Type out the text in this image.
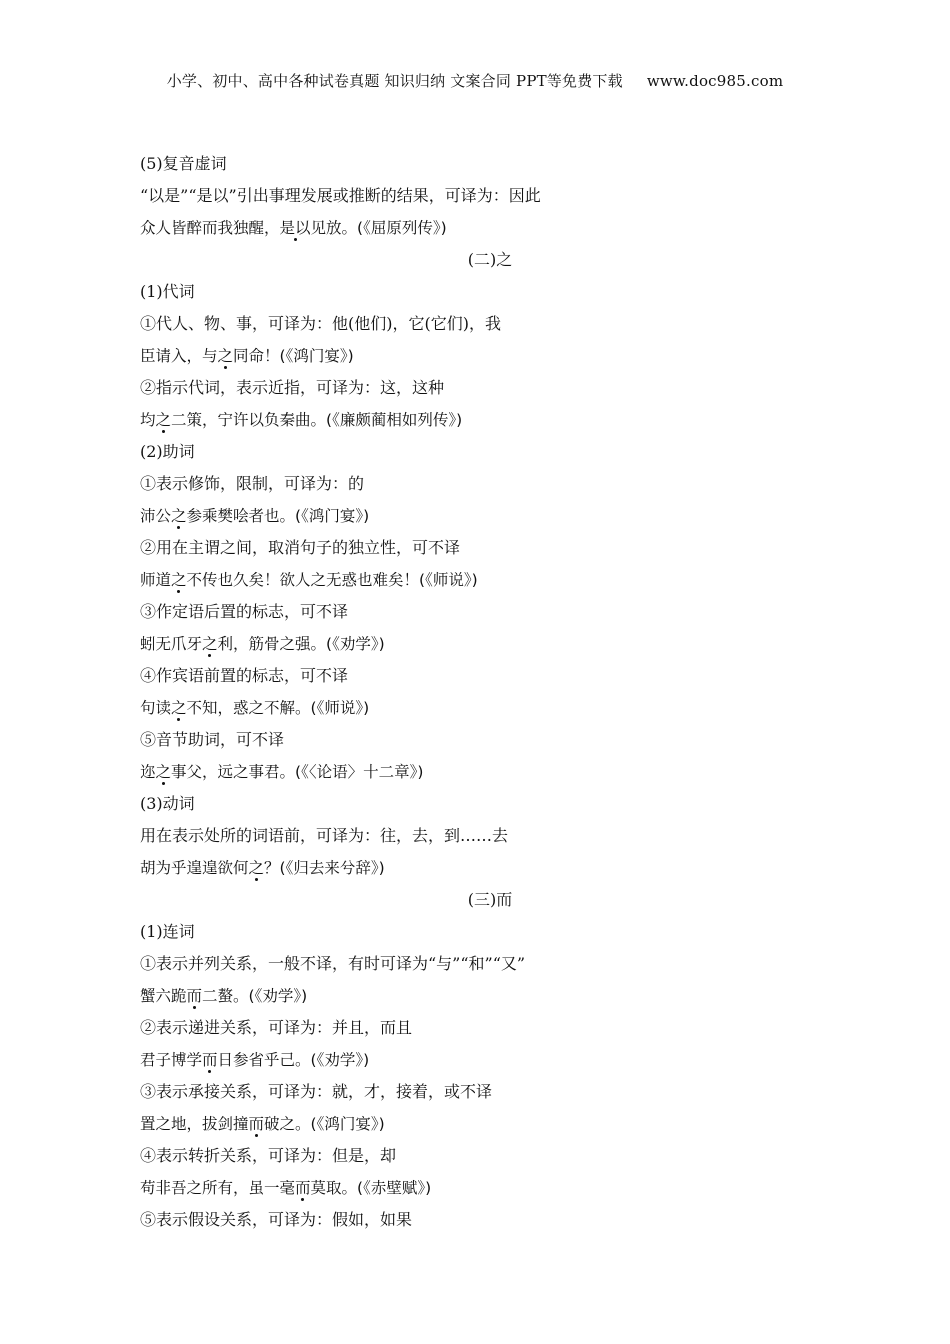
小学、初中、高中各种试卷真题 知识归纳 文案合同 PPT等免费下载 www.doc985.com
(5)复音虚词
“以是”“是以”引出事理发展或推断的结果，可译为：因此
众人皆醉而我独醒，是以见放。(《屈原列传》)
(二)之
(1)代词
①代人、物、事，可译为：他(他们)，它(它们)，我
臣请入，与之同命！(《鸿门宴》)
②指示代词，表示近指，可译为：这，这种
均之二策，宁许以负秦曲。(《廉颇蔺相如列传》)
(2)助词
①表示修饰，限制，可译为：的
沛公之参乘樊哙者也。(《鸿门宴》)
②用在主谓之间，取消句子的独立性，可不译
师道之不传也久矣！欲人之无惑也难矣！(《师说》)
③作定语后置的标志，可不译
蚓无爪牙之利，筋骨之强。(《劝学》)
④作宾语前置的标志，可不译
句读之不知，惑之不解。(《师说》)
⑤音节助词，可不译
迩之事父，远之事君。(《〈论语〉十二章》)
(3)动词
用在表示处所的词语前，可译为：往，去，到……去
胡为乎遑遑欲何之？(《归去来兮辞》)
(三)而
(1)连词
①表示并列关系，一般不译，有时可译为“与”“和”“又”
蟹六跪而二螯。(《劝学》)
②表示递进关系，可译为：并且，而且
君子博学而日参省乎己。(《劝学》)
③表示承接关系，可译为：就，才，接着，或不译
置之地，拔剑撞而破之。(《鸿门宴》)
④表示转折关系，可译为：但是，却
苟非吾之所有，虽一毫而莫取。(《赤壁赋》)
⑤表示假设关系，可译为：假如，如果
